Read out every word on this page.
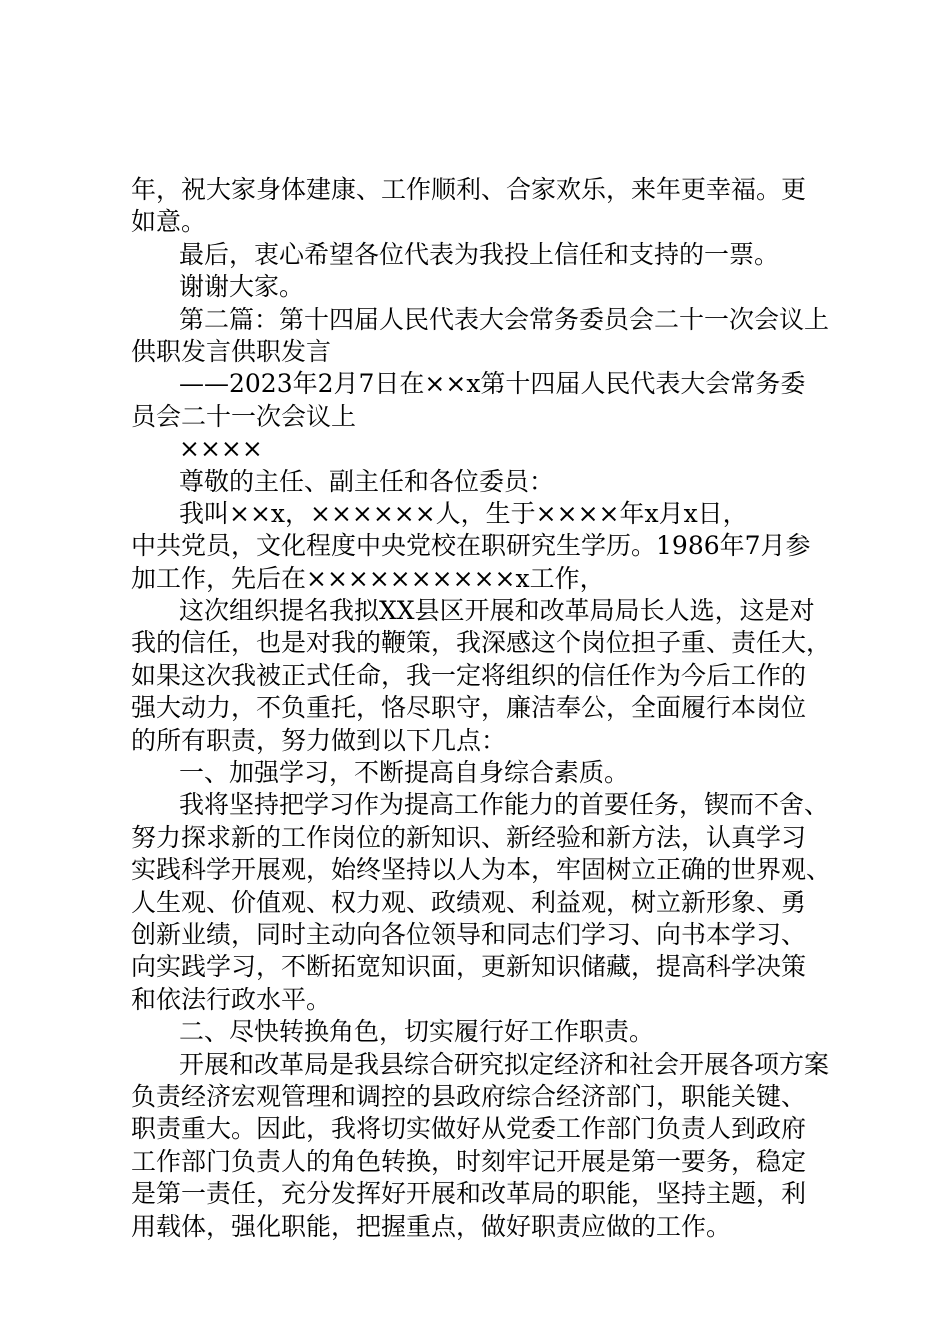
年，祝大家身体建康、工作顺利、合家欢乐，来年更幸福。更
如意。
最后，衷心希望各位代表为我投上信任和支持的一票。
谢谢大家。
第二篇：第十四届人民代表大会常务委员会二十一次会议上
供职发言供职发言
——2023年2月7日在××x第十四届人民代表大会常务委
员会二十一次会议上
××××
尊敬的主任、副主任和各位委员：
我叫××x，××××××人，生于××××年x月x日，
中共党员，文化程度中央党校在职研究生学历。1986年7月参
加工作，先后在××××××××××x工作，
这次组织提名我拟XX县区开展和改革局局长人选，这是对
我的信任，也是对我的鞭策，我深感这个岗位担子重、责任大，
如果这次我被正式任命，我一定将组织的信任作为今后工作的
强大动力，不负重托，恪尽职守，廉洁奉公，全面履行本岗位
的所有职责，努力做到以下几点：
一、加强学习，不断提高自身综合素质。
我将坚持把学习作为提高工作能力的首要任务，锲而不舍、
努力探求新的工作岗位的新知识、新经验和新方法，认真学习
实践科学开展观，始终坚持以人为本，牢固树立正确的世界观、
人生观、价值观、权力观、政绩观、利益观，树立新形象、勇
创新业绩，同时主动向各位领导和同志们学习、向书本学习、
向实践学习，不断拓宽知识面，更新知识储藏，提高科学决策
和依法行政水平。
二、尽快转换角色，切实履行好工作职责。
开展和改革局是我县综合研究拟定经济和社会开展各项方案
负责经济宏观管理和调控的县政府综合经济部门，职能关键、
职责重大。因此，我将切实做好从党委工作部门负责人到政府
工作部门负责人的角色转换，时刻牢记开展是第一要务，稳定
是第一责任，充分发挥好开展和改革局的职能，坚持主题，利
用载体，强化职能，把握重点，做好职责应做的工作。
